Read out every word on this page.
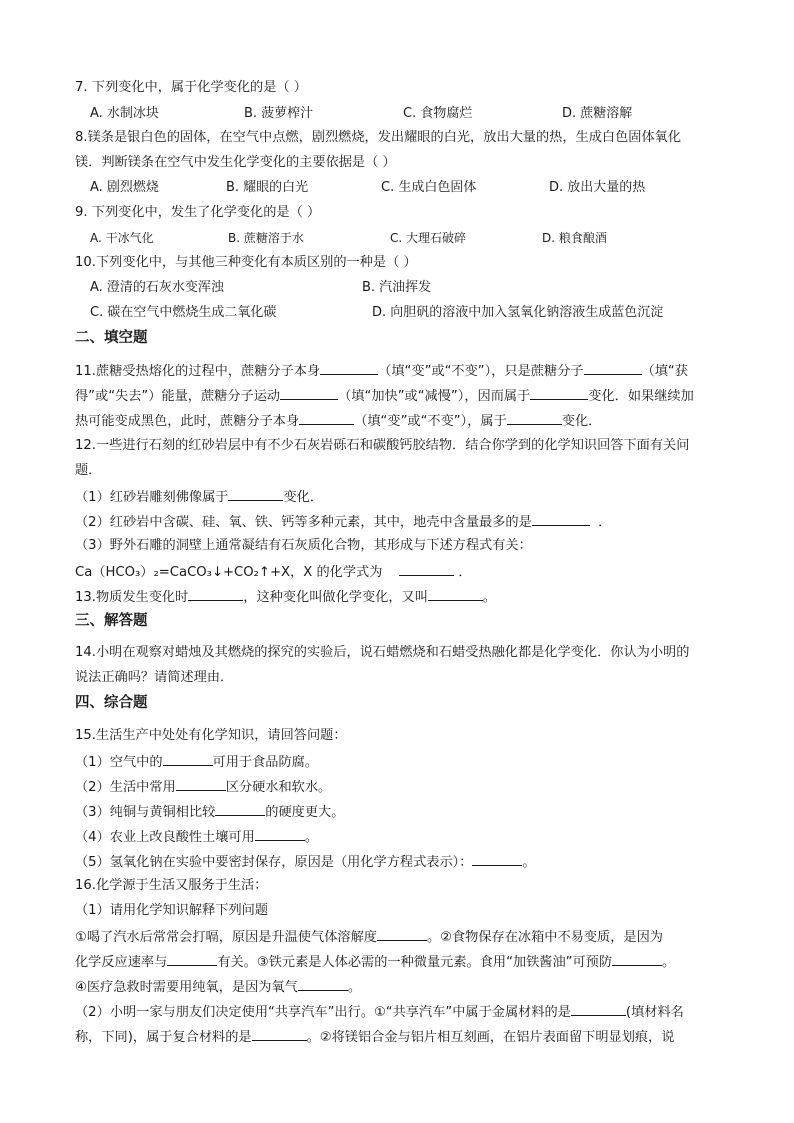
7. 下列变化中，属于化学变化的是（ ）
A. 水制冰块	B. 菠萝榨汁	C. 食物腐烂	D. 蔗糖溶解
8.镁条是银白色的固体，在空气中点燃，剧烈燃烧，发出耀眼的白光，放出大量的热，生成白色固体氧化
镁．判断镁条在空气中发生化学变化的主要依据是（ ）
A. 剧烈燃烧	B. 耀眼的白光	C. 生成白色固体	D. 放出大量的热
9. 下列变化中，发生了化学变化的是（ ）
A. 干冰气化	B. 蔗糖溶于水	C. 大理石破碎	D. 粮食酿酒
10.下列变化中，与其他三种变化有本质区别的一种是（ ）
A. 澄清的石灰水变浑浊	B. 汽油挥发
C. 碳在空气中燃烧生成二氧化碳	D. 向胆矾的溶液中加入氢氧化钠溶液生成蓝色沉淀
二、填空题
11.蔗糖受热熔化的过程中，蔗糖分子本身	（填“变”或“不变”），只是蔗糖分子	（填“获
得”或“失去”）能量，蔗糖分子运动	（填“加快”或“减慢”），因而属于	变化．如果继续加
热可能变成黑色，此时，蔗糖分子本身	（填“变”或“不变”），属于	变化．
12.一些进行石刻的红砂岩层中有不少石灰岩砾石和碳酸钙胶结物．结合你学到的化学知识回答下面有关问
题．
（1）红砂岩雕刻佛像属于	变化．
（2）红砂岩中含碳、硅、氧、铁、钙等多种元素，其中，地壳中含量最多的是	．
（3）野外石雕的洞壁上通常凝结有石灰质化合物，其形成与下述方程式有关：
Ca（HCO₃）₂=CaCO₃↓+CO₂↑+X，X 的化学式为	．
13.物质发生变化时	，这种变化叫做化学变化，又叫	。
三、解答题
14.小明在观察对蜡烛及其燃烧的探究的实验后，说石蜡燃烧和石蜡受热融化都是化学变化．你认为小明的
说法正确吗？请简述理由．
四、综合题
15.生活生产中处处有化学知识，请回答问题：
（1）空气中的	可用于食品防腐。
（2）生活中常用	区分硬水和软水。
（3）纯铜与黄铜相比较	的硬度更大。
（4）农业上改良酸性土壤可用	。
（5）氢氧化钠在实验中要密封保存，原因是（用化学方程式表示）：	。
16.化学源于生活又服务于生活：
（1）请用化学知识解释下列问题
①喝了汽水后常常会打嗝，原因是升温使气体溶解度	。②食物保存在冰箱中不易变质，是因为
化学反应速率与	有关。③铁元素是人体必需的一种微量元素。食用“加铁酱油”可预防	。
④医疗急救时需要用纯氧，是因为氧气	。
（2）小明一家与朋友们决定使用“共享汽车”出行。①“共享汽车”中属于金属材料的是	(填材料名
称，下同)，属于复合材料的是	。②将镁铝合金与铝片相互刻画，在铝片表面留下明显划痕，说
